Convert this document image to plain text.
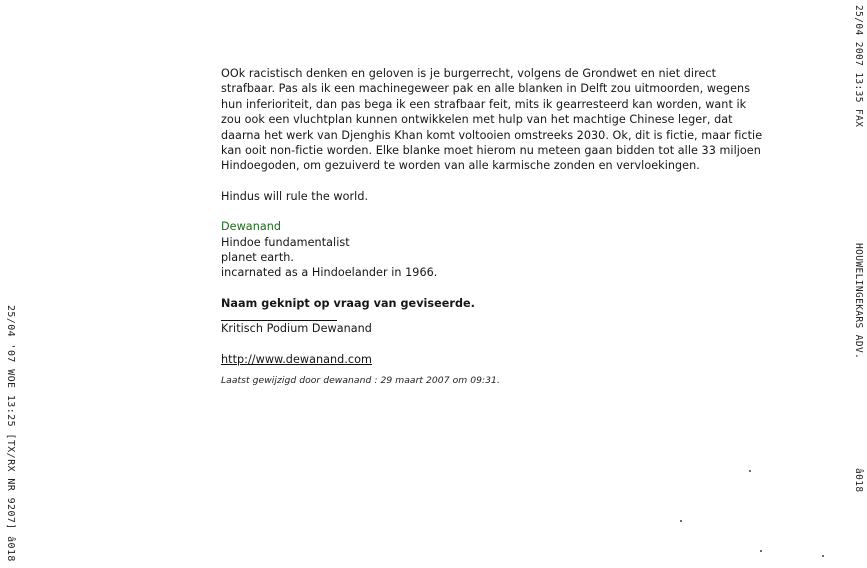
OOk racistisch denken en geloven is je burgerrecht, volgens de Grondwet en niet direct strafbaar. Pas als ik een machinegeweer pak en alle blanken in Delft zou uitmoorden, wegens hun inferioriteit, dan pas bega ik een strafbaar feit, mits ik gearresteerd kan worden, want ik zou ook een vluchtplan kunnen ontwikkelen met hulp van het machtige Chinese leger, dat daarna het werk van Djenghis Khan komt voltooien omstreeks 2030. Ok, dit is fictie, maar fictie kan ooit non-fictie worden. Elke blanke moet hierom nu meteen gaan bidden tot alle 33 miljoen Hindoegoden, om gezuiverd te worden van alle karmische zonden en vervloekingen.

Hindus will rule the world.

Dewanand
Hindoe fundamentalist
planet earth.
incarnated as a Hindoelander in 1966.

Naam geknipt op vraag van geviseerde.

Kritisch Podium Dewanand

http://www.dewanand.com

Laatst gewijzigd door dewanand : 29 maart 2007 om 09:31.

25/04 2007 13:35 FAX
HOUWELINGEKARS ADV.
â018
25/04 '07 WOE 13:25 [TX/RX NR 9207] â018
